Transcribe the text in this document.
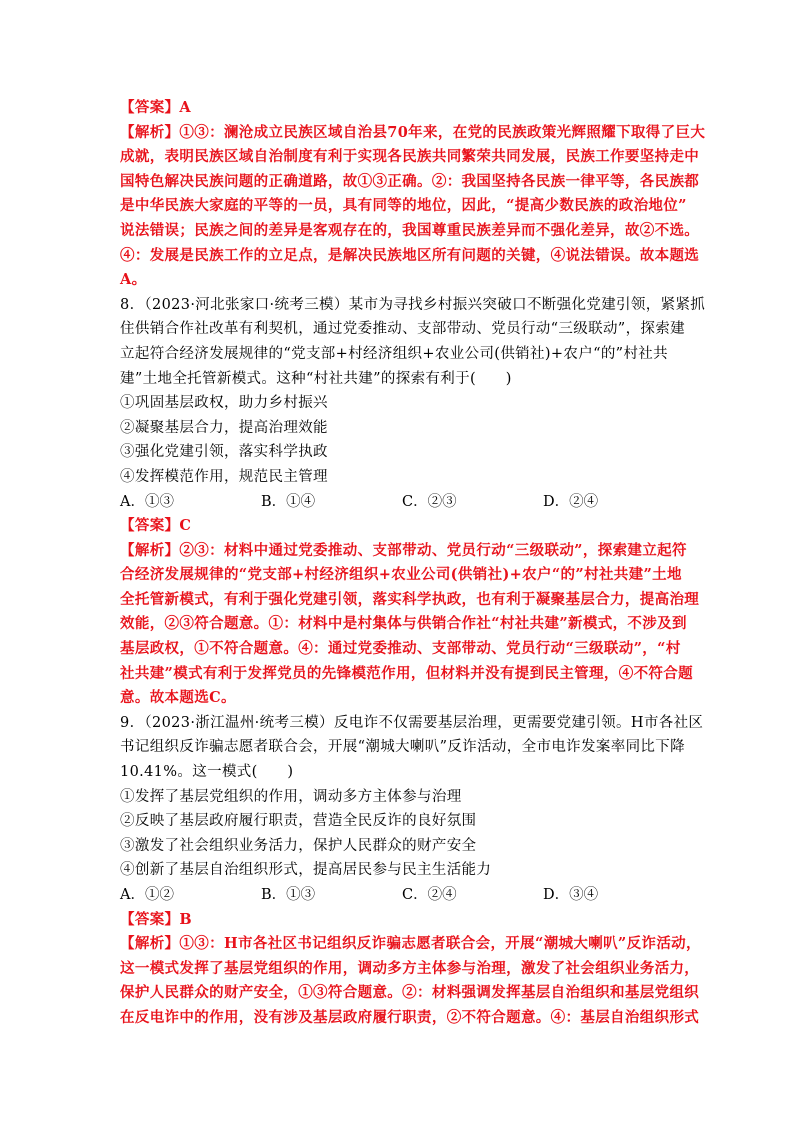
【答案】A
【解析】①③：澜沧成立民族区域自治县70年来，在党的民族政策光辉照耀下取得了巨大
成就，表明民族区域自治制度有利于实现各民族共同繁荣共同发展，民族工作要坚持走中
国特色解决民族问题的正确道路，故①③正确。②：我国坚持各民族一律平等，各民族都
是中华民族大家庭的平等的一员，具有同等的地位，因此，“提高少数民族的政治地位”
说法错误；民族之间的差异是客观存在的，我国尊重民族差异而不强化差异，故②不选。
④：发展是民族工作的立足点，是解决民族地区所有问题的关键，④说法错误。故本题选
A。
8．（2023·河北张家口·统考三模）某市为寻找乡村振兴突破口不断强化党建引领，紧紧抓
住供销合作社改革有利契机，通过党委推动、支部带动、党员行动“三级联动”，探索建
立起符合经济发展规律的“党支部+村经济组织+农业公司(供销社)+农户“的”村社共
建”土地全托管新模式。这种“村社共建”的探索有利于(　　)
①巩固基层政权，助力乡村振兴
②凝聚基层合力，提高治理效能
③强化党建引领，落实科学执政
④发挥模范作用，规范民主管理
A．①③	B．①④	C．②③	D．②④
【答案】C
【解析】②③：材料中通过党委推动、支部带动、党员行动“三级联动”，探索建立起符
合经济发展规律的“党支部+村经济组织+农业公司(供销社)+农户“的”村社共建”土地
全托管新模式，有利于强化党建引领，落实科学执政，也有利于凝聚基层合力，提高治理
效能，②③符合题意。①：材料中是村集体与供销合作社“村社共建”新模式，不涉及到
基层政权，①不符合题意。④：通过党委推动、支部带动、党员行动“三级联动”，“村
社共建”模式有利于发挥党员的先锋模范作用，但材料并没有提到民主管理，④不符合题
意。故本题选C。
9．（2023·浙江温州·统考三模）反电诈不仅需要基层治理，更需要党建引领。H市各社区
书记组织反诈骗志愿者联合会，开展“潮城大喇叭”反诈活动，全市电诈发案率同比下降
10.41%。这一模式(　　)
①发挥了基层党组织的作用，调动多方主体参与治理
②反映了基层政府履行职责，营造全民反诈的良好氛围
③激发了社会组织业务活力，保护人民群众的财产安全
④创新了基层自治组织形式，提高居民参与民主生活能力
A．①②	B．①③	C．②④	D．③④
【答案】B
【解析】①③：H市各社区书记组织反诈骗志愿者联合会，开展“潮城大喇叭”反诈活动，
这一模式发挥了基层党组织的作用，调动多方主体参与治理，激发了社会组织业务活力，
保护人民群众的财产安全，①③符合题意。②：材料强调发挥基层自治组织和基层党组织
在反电诈中的作用，没有涉及基层政府履行职责，②不符合题意。④：基层自治组织形式
